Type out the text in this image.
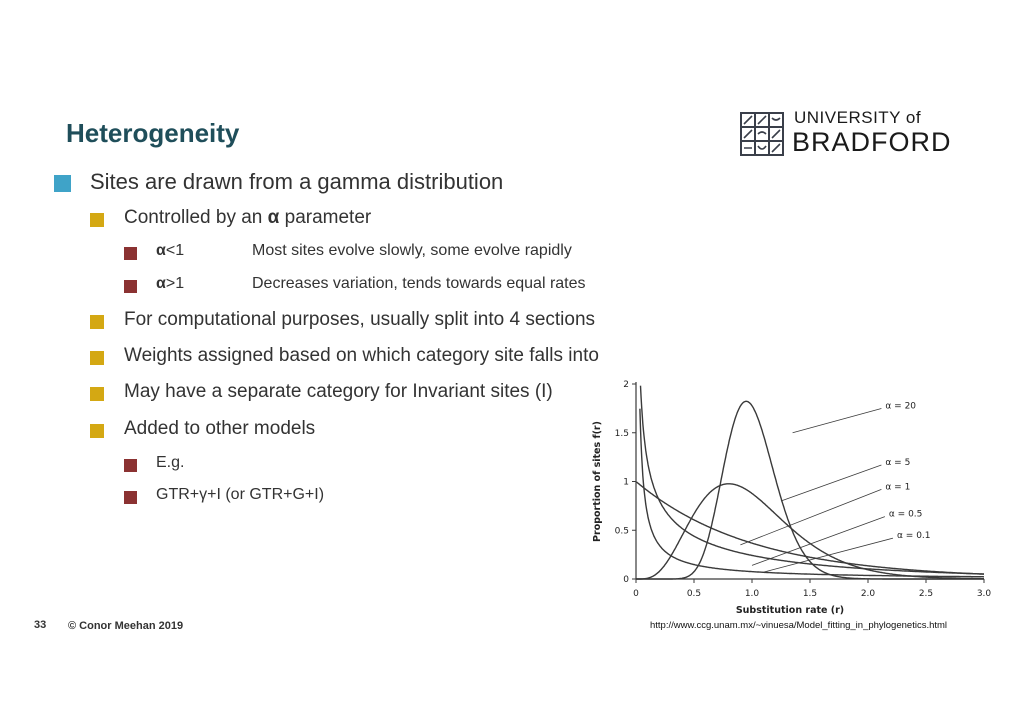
Heterogeneity
UNIVERSITY of
BRADFORD
Sites are drawn from a gamma distribution
Controlled by an α parameter
α<1	Most sites evolve slowly, some evolve rapidly
α>1	Decreases variation, tends towards equal rates
For computational purposes, usually split into 4 sections
Weights assigned based on which category site falls into
May have a separate category for Invariant sites (I)
Added to other models
E.g.
GTR+γ+I (or GTR+G+I)
0	0.5	1.0	1.5	2.0	2.5	3.0
0
0.5
1
1.5
2
Substitution rate (r)
Proportion of sites f(r)
α = 20
α = 5
α = 1
α = 0.5
α = 0.1
33 © Conor Meehan 2019	http://www.ccg.unam.mx/~vinuesa/Model_fitting_in_phylogenetics.html
